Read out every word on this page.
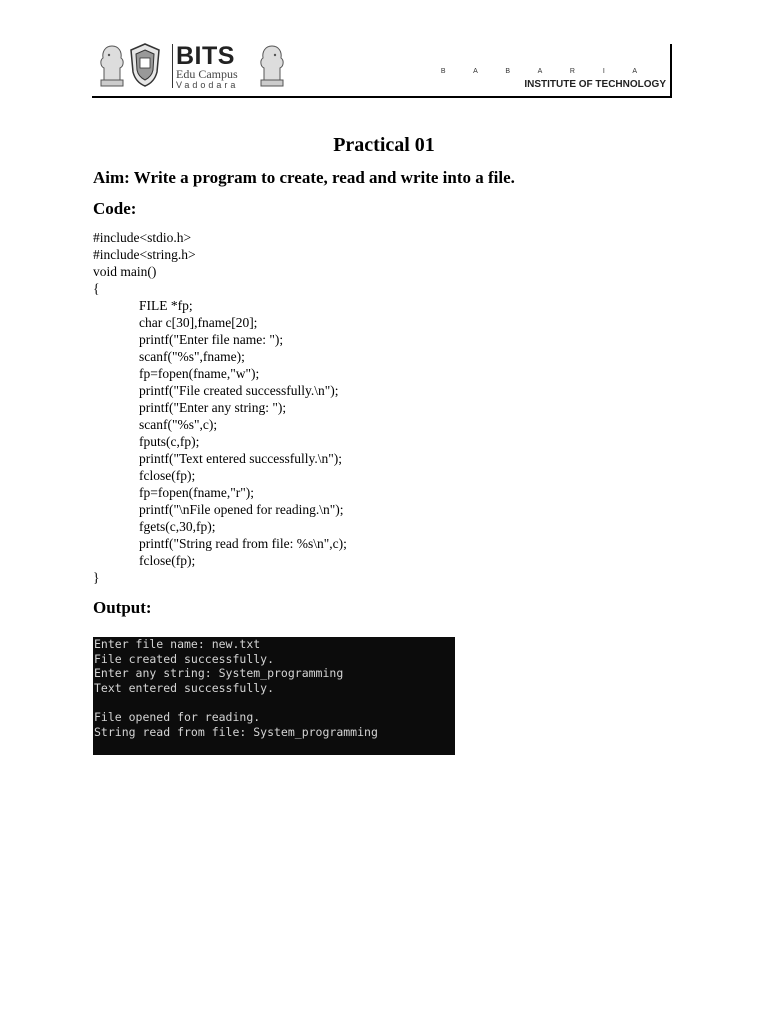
BITS
Edu Campus
Vadodara
B A B A R I A
INSTITUTE OF TECHNOLOGY
Practical 01
Aim: Write a program to create, read and write into a file.
Code:
#include<stdio.h>
#include<string.h>
void main()
{
FILE *fp;
char c[30],fname[20];
printf("Enter file name: ");
scanf("%s",fname);
fp=fopen(fname,"w");
printf("File created successfully.\n");
printf("Enter any string: ");
scanf("%s",c);
fputs(c,fp);
printf("Text entered successfully.\n");
fclose(fp);
fp=fopen(fname,"r");
printf("\nFile opened for reading.\n");
fgets(c,30,fp);
printf("String read from file: %s\n",c);
fclose(fp);
}
Output:
Enter file name: new.txt
File created successfully.
Enter any string: System_programming
Text entered successfully.
File opened for reading.
String read from file: System_programming
